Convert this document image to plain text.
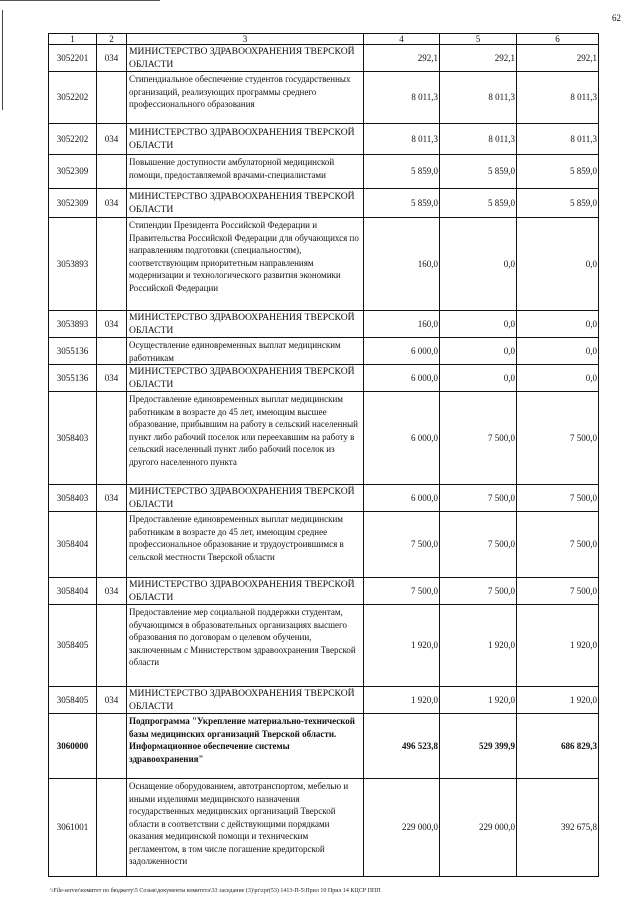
62
1	2	3	4	5	6
3052201	034	МИНИСТЕРСТВО ЗДРАВООХРАНЕНИЯ ТВЕРСКОЙ ОБЛАСТИ	292,1	292,1	292,1
3052202		Стипендиальное обеспечение студентов государственных организаций, реализующих программы среднего профессионального образования	8 011,3	8 011,3	8 011,3
3052202	034	МИНИСТЕРСТВО ЗДРАВООХРАНЕНИЯ ТВЕРСКОЙ ОБЛАСТИ	8 011,3	8 011,3	8 011,3
3052309		Повышение доступности амбулаторной медицинской помощи, предоставляемой врачами-специалистами	5 859,0	5 859,0	5 859,0
3052309	034	МИНИСТЕРСТВО ЗДРАВООХРАНЕНИЯ ТВЕРСКОЙ ОБЛАСТИ	5 859,0	5 859,0	5 859,0
3053893		Стипендии Президента Российской Федерации и Правительства Российской Федерации для обучающихся по направлениям подготовки (специальностям), соответствующим приоритетным направлениям модернизации и технологического развития экономики Российской Федерации	160,0	0,0	0,0
3053893	034	МИНИСТЕРСТВО ЗДРАВООХРАНЕНИЯ ТВЕРСКОЙ ОБЛАСТИ	160,0	0,0	0,0
3055136		Осуществление единовременных выплат медицинским работникам	6 000,0	0,0	0,0
3055136	034	МИНИСТЕРСТВО ЗДРАВООХРАНЕНИЯ ТВЕРСКОЙ ОБЛАСТИ	6 000,0	0,0	0,0
3058403		Предоставление единовременных выплат медицинским работникам в возрасте до 45 лет, имеющим высшее образование, прибывшим на работу в сельский населенный пункт либо рабочий поселок или переехавшим на работу в сельский населенный пункт либо рабочий поселок из другого населенного пункта	6 000,0	7 500,0	7 500,0
3058403	034	МИНИСТЕРСТВО ЗДРАВООХРАНЕНИЯ ТВЕРСКОЙ ОБЛАСТИ	6 000,0	7 500,0	7 500,0
3058404		Предоставление единовременных выплат медицинским работникам в возрасте до 45 лет, имеющим среднее профессиональное образование и трудоустроившимся в сельской местности Тверской области	7 500,0	7 500,0	7 500,0
3058404	034	МИНИСТЕРСТВО ЗДРАВООХРАНЕНИЯ ТВЕРСКОЙ ОБЛАСТИ	7 500,0	7 500,0	7 500,0
3058405		Предоставление мер социальной поддержки студентам, обучающимся в образовательных организациях высшего образования по договорам о целевом обучении, заключенным с Министерством здравоохранения Тверской области	1 920,0	1 920,0	1 920,0
3058405	034	МИНИСТЕРСТВО ЗДРАВООХРАНЕНИЯ ТВЕРСКОЙ ОБЛАСТИ	1 920,0	1 920,0	1 920,0
3060000		Подпрограмма "Укрепление материально-технической базы медицинских организаций Тверской области. Информационное обеспечение системы здравоохранения"	496 523,8	529 399,9	686 829,3
3061001		Оснащение оборудованием, автотранспортом, мебелью и иными изделиями медицинского назначения государственных медицинских организаций Тверской области в соответствии с действующими порядками оказания медицинской помощи и техническим регламентом, в том числе погашение кредиторской задолженности	229 000,0	229 000,0	392 675,8
\\File-server\комитет по бюджету\5 Созыв\документы комитета\33 заседание (3)\pr\zpr(53) 1413-П-5\Прил 10 Прил 14 КЦСР ППП
